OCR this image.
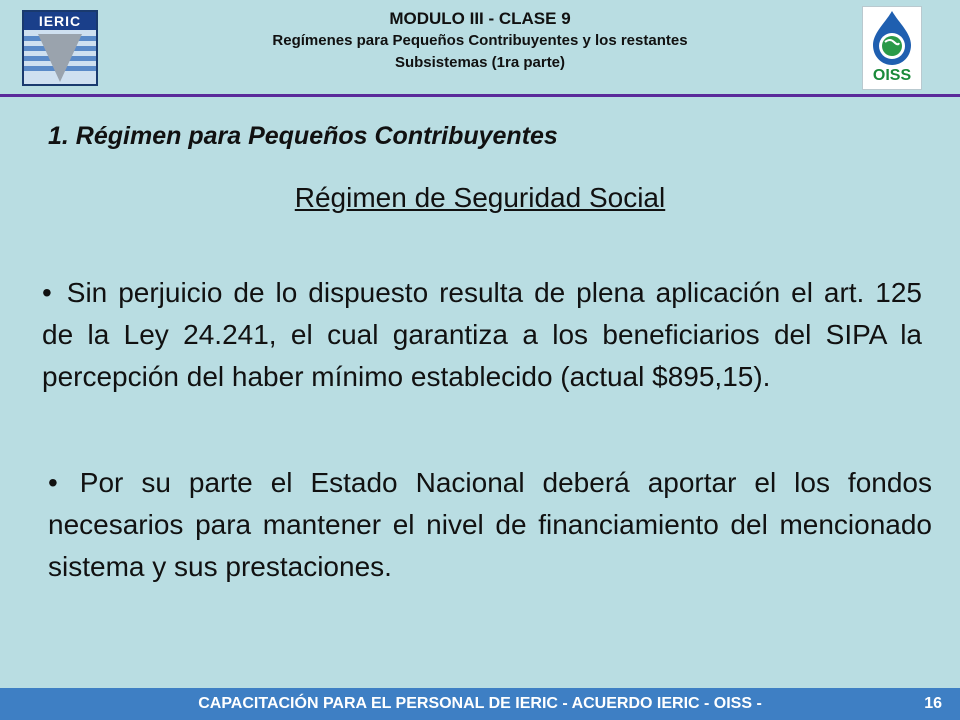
IERIC	MODULO III - CLASE 9
Regímenes para Pequeños Contribuyentes y los restantes
Subsistemas (1ra parte)
OISS
1. Régimen para Pequeños Contribuyentes
Régimen de Seguridad Social
• Sin perjuicio de lo dispuesto resulta de plena aplicación el art. 125 de la Ley 24.241, el cual garantiza a los beneficiarios del SIPA la percepción del haber mínimo establecido (actual $895,15).
• Por su parte el Estado Nacional deberá aportar el los fondos necesarios para mantener el nivel de financiamiento del mencionado sistema y sus prestaciones.
CAPACITACIÓN PARA EL PERSONAL DE IERIC - ACUERDO IERIC - OISS -	16
